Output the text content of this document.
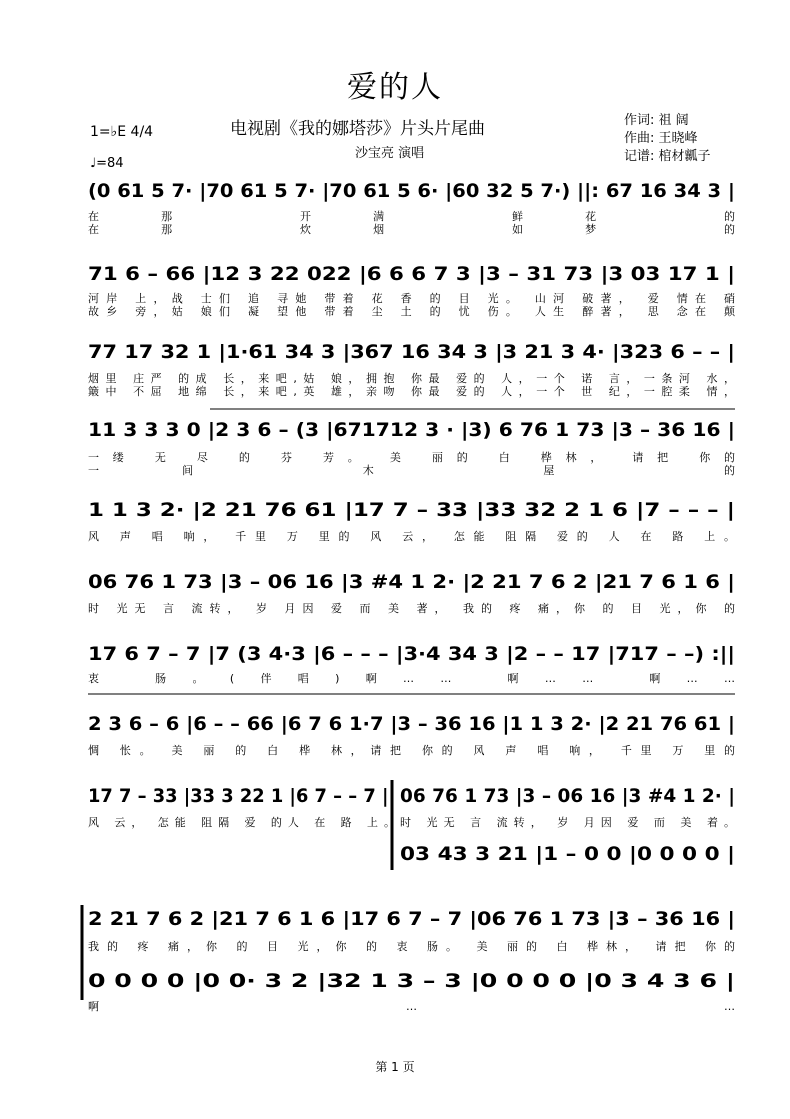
爱的人
电视剧《我的娜塔莎》片头片尾曲
沙宝亮 演唱
作词: 祖 阔
作曲: 王晓峰
记谱: 棺材瓤子
1=♭E 4/4
♩=84
(0 61 5 7· |70 61 5 7· |70 61 5 6· |60 32 5 7·) ||: 67 16 34 3 |
在那 开满 鲜花 的
在那 炊烟 如梦 的
71 6 – 66 |12 3 22 022 |6 6 6 7 3 |3 – 31 73 |3 03 17 1 |
河岸 上，战 士们 追 寻她 带着 花 香 的 目 光。 山河 破著， 爱 情在 硝
故乡 旁，姑 娘们 凝 望他 带着 尘 土 的 忧 伤。 人生 醉著， 思 念在 颠
77 17 32 1 |1·61 34 3 |367 16 34 3 |3 21 3 4· |323 6 – – |
烟里 庄严 的成 长，来吧,姑 娘，拥抱 你最 爱的 人，一个 诺 言，一条河 水，
簸中 不屈 地绵 长，来吧,英 雄，亲吻 你最 爱的 人，一个 世 纪，一腔柔 情，
11 3 3 3 0 |2 3 6 – (3 |671712 3 · |3) 6 76 1 73 |3 – 36 16 |
一缕 无 尽 的 芬 芳。 美 丽的 白 桦林， 请把 你的
一间 木 屋 的
1 1 3 2· |2 21 76 61 |17 7 – 33 |33 32 2 1 6 |7 – – – |
风 声 唱 响， 千里 万 里的 风 云， 怎能 阻隔 爱的 人 在 路 上。
06 76 1 73 |3 – 06 16 |3 #4 1 2· |2 21 7 6 2 |21 7 6 1 6 |
时 光无 言 流转， 岁 月因 爱 而 美 著， 我的 疼 痛，你 的 目 光，你 的
17 6 7 – 7 |7 (3 4·3 |6 – – – |3·4 34 3 |2 – – 17 |717 – –) :||
衷 肠。(伴唱)啊…… 啊…… 啊……
2 3 6 – 6 |6 – – 66 |6 7 6 1·7 |3 – 36 16 |1 1 3 2· |2 21 76 61 |
惆 怅。 美 丽 的 白 桦 林，请把 你的 风 声 唱 响， 千里 万 里的
17 7 – 33 |33 3 22 1 |6 7 – – 7 ||
风 云， 怎能 阻隔 爱 的人 在 路 上。
06 76 1 73 |3 – 06 16 |3 #4 1 2· |
时 光无 言 流转， 岁 月因 爱 而 美 着。
03 43 3 21 |1 – 0 0 |0 0 0 0 |
2 21 7 6 2 |21 7 6 1 6 |17 6 7 – 7 |06 76 1 73 |3 – 36 16 |
我的 疼 痛，你 的 目 光，你 的 衷 肠。 美 丽的 白 桦林， 请把 你的
0 0 0 0 |0 0· 3 2 |32 1 3 – 3 |0 0 0 0 |0 3 4 3 6 |
啊……
第 1 页
